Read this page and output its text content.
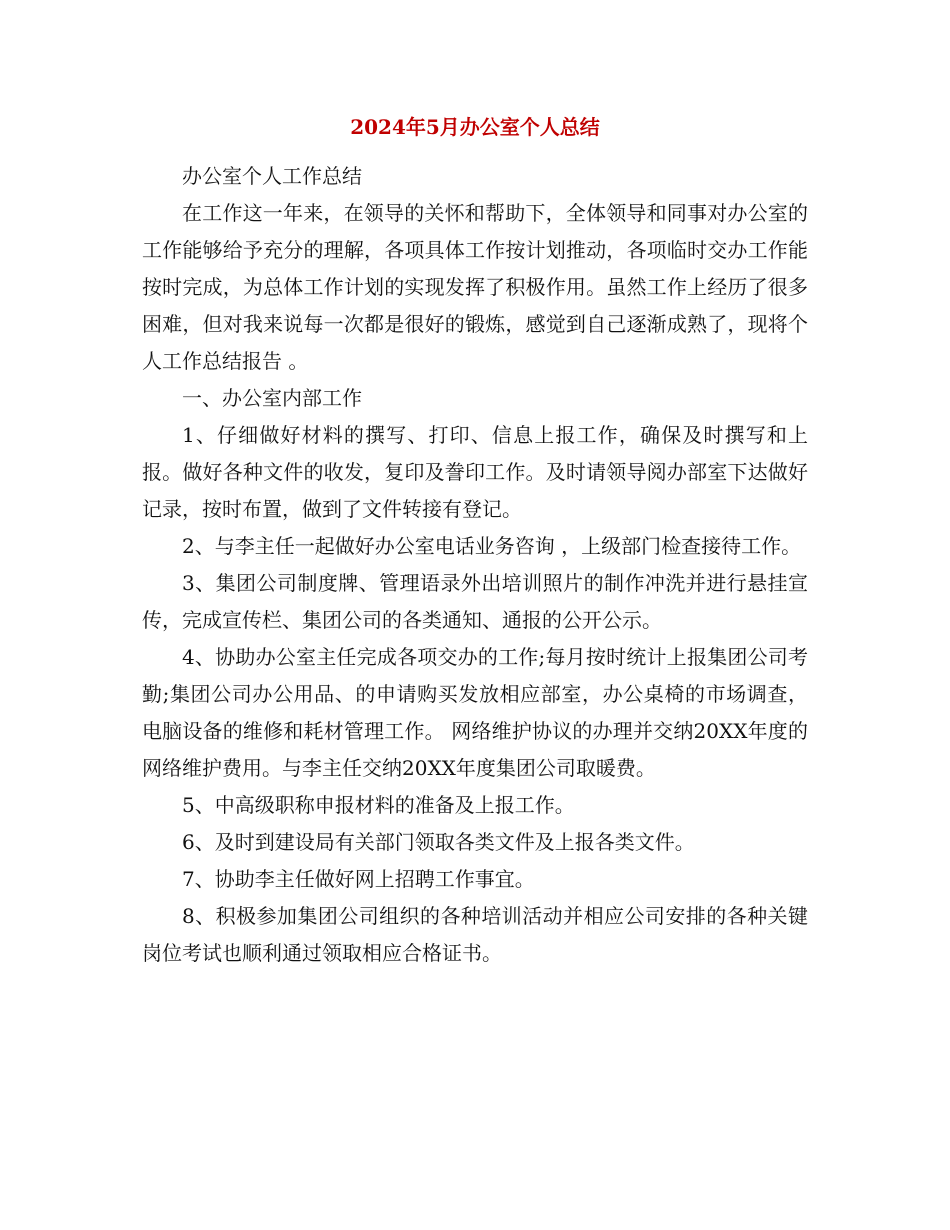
2024年5月办公室个人总结

办公室个人工作总结

在工作这一年来，在领导的关怀和帮助下，全体领导和同事对办公室的工作能够给予充分的理解，各项具体工作按计划推动，各项临时交办工作能按时完成，为总体工作计划的实现发挥了积极作用。虽然工作上经历了很多困难，但对我来说每一次都是很好的锻炼，感觉到自己逐渐成熟了，现将个人工作总结报告 。

一、办公室内部工作

1、仔细做好材料的撰写、打印、信息上报工作，确保及时撰写和上报。做好各种文件的收发，复印及誊印工作。及时请领导阅办部室下达做好记录，按时布置，做到了文件转接有登记。

2、与李主任一起做好办公室电话业务咨询 ，上级部门检查接待工作。

3、集团公司制度牌、管理语录外出培训照片的制作冲洗并进行悬挂宣传，完成宣传栏、集团公司的各类通知、通报的公开公示。

4、协助办公室主任完成各项交办的工作;每月按时统计上报集团公司考勤;集团公司办公用品、的申请购买发放相应部室，办公桌椅的市场调查，电脑设备的维修和耗材管理工作。 网络维护协议的办理并交纳20XX年度的网络维护费用。与李主任交纳20XX年度集团公司取暖费。

5、中高级职称申报材料的准备及上报工作。

6、及时到建设局有关部门领取各类文件及上报各类文件。

7、协助李主任做好网上招聘工作事宜。

8、积极参加集团公司组织的各种培训活动并相应公司安排的各种关键岗位考试也顺利通过领取相应合格证书。
